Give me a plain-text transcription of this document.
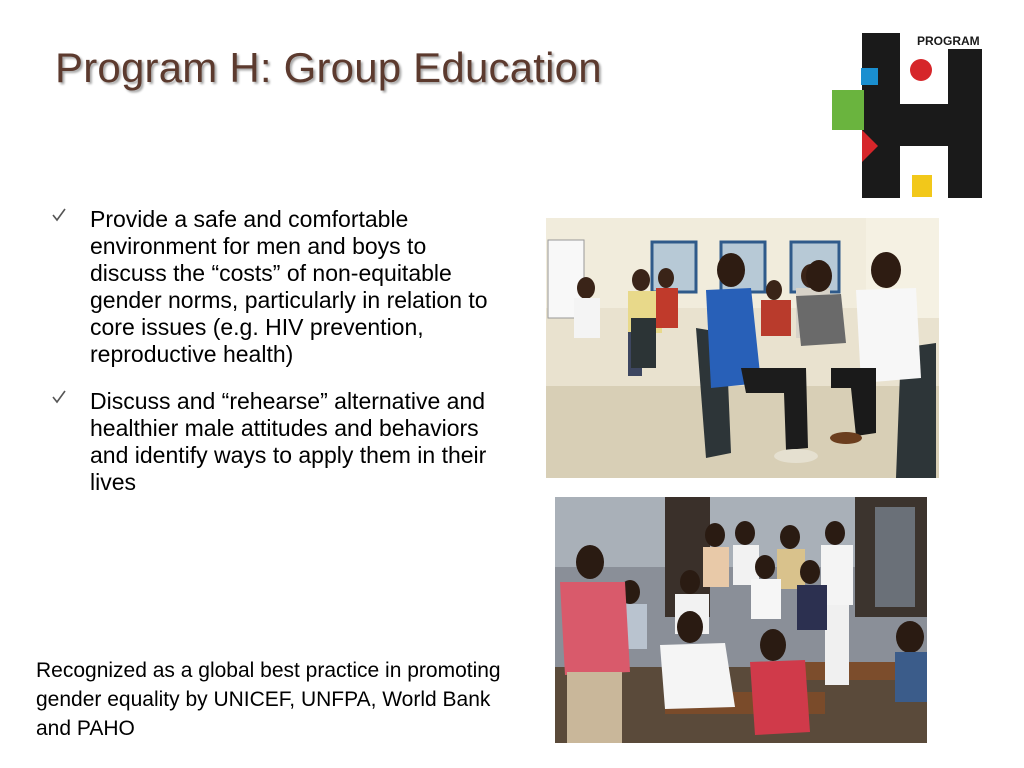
Program H: Group Education
PROGRAM
Provide a safe and comfortable environment for men and boys to discuss the “costs” of non-equitable gender norms, particularly in relation to core issues (e.g. HIV prevention, reproductive health)
Discuss and “rehearse” alternative and healthier male attitudes and behaviors and identify ways to apply them in their lives
Recognized as a global best practice in promoting gender equality by UNICEF, UNFPA, World Bank and PAHO
